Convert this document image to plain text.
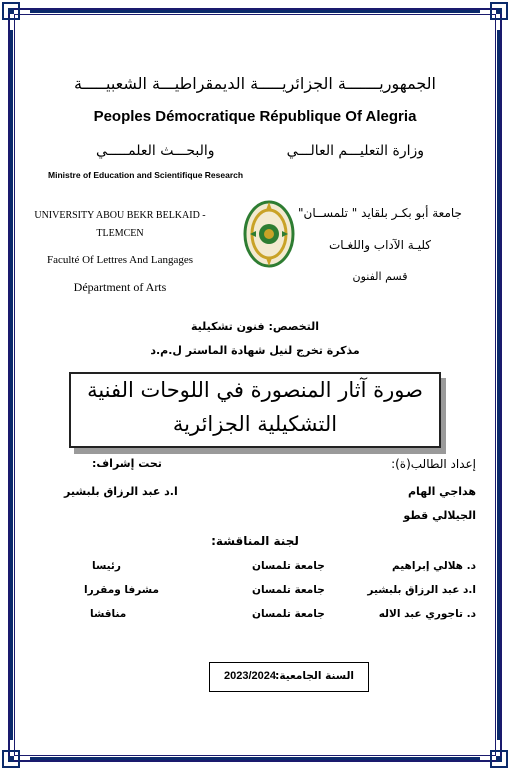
الجمهوريـــــــة الجزائريـــــة الديمقراطيـــة الشعبيـــــة
Peoples Démocratique République Of Alegria
وزارة التعليـــم العالـــي
والبحـــث العلمـــــي
Ministre of Education and Scientifique Research
UNIVERSITY ABOU BEKR BELKAID -
TLEMCEN
Faculté Of Lettres And Langages
Départment of Arts
جامعة أبو بكـر بلقايد " تلمســان"
كليـة الآداب واللغـات
قسم الفنون
التخصص: فنون تشكيلية
مذكرة تخرج لنيل شهادة الماستر ل.م.د
صورة آثار المنصورة في اللوحات الفنية
التشكيلية الجزائرية
إعداد الطالب(ة):
هداجي الهام
الجيلالي قطو
تحت إشراف:
ا.د عبد الرزاق بلبشير
لجنة المناقشة:
د. هلالي إبراهيم
جامعة تلمسان
رئيسا
ا.د عبد الرزاق بلبشير
جامعة تلمسان
مشرفا ومقررا
د. تاجوري عبد الاله
جامعة تلمسان
مناقشا
السنة الجامعية:
2023/2024
